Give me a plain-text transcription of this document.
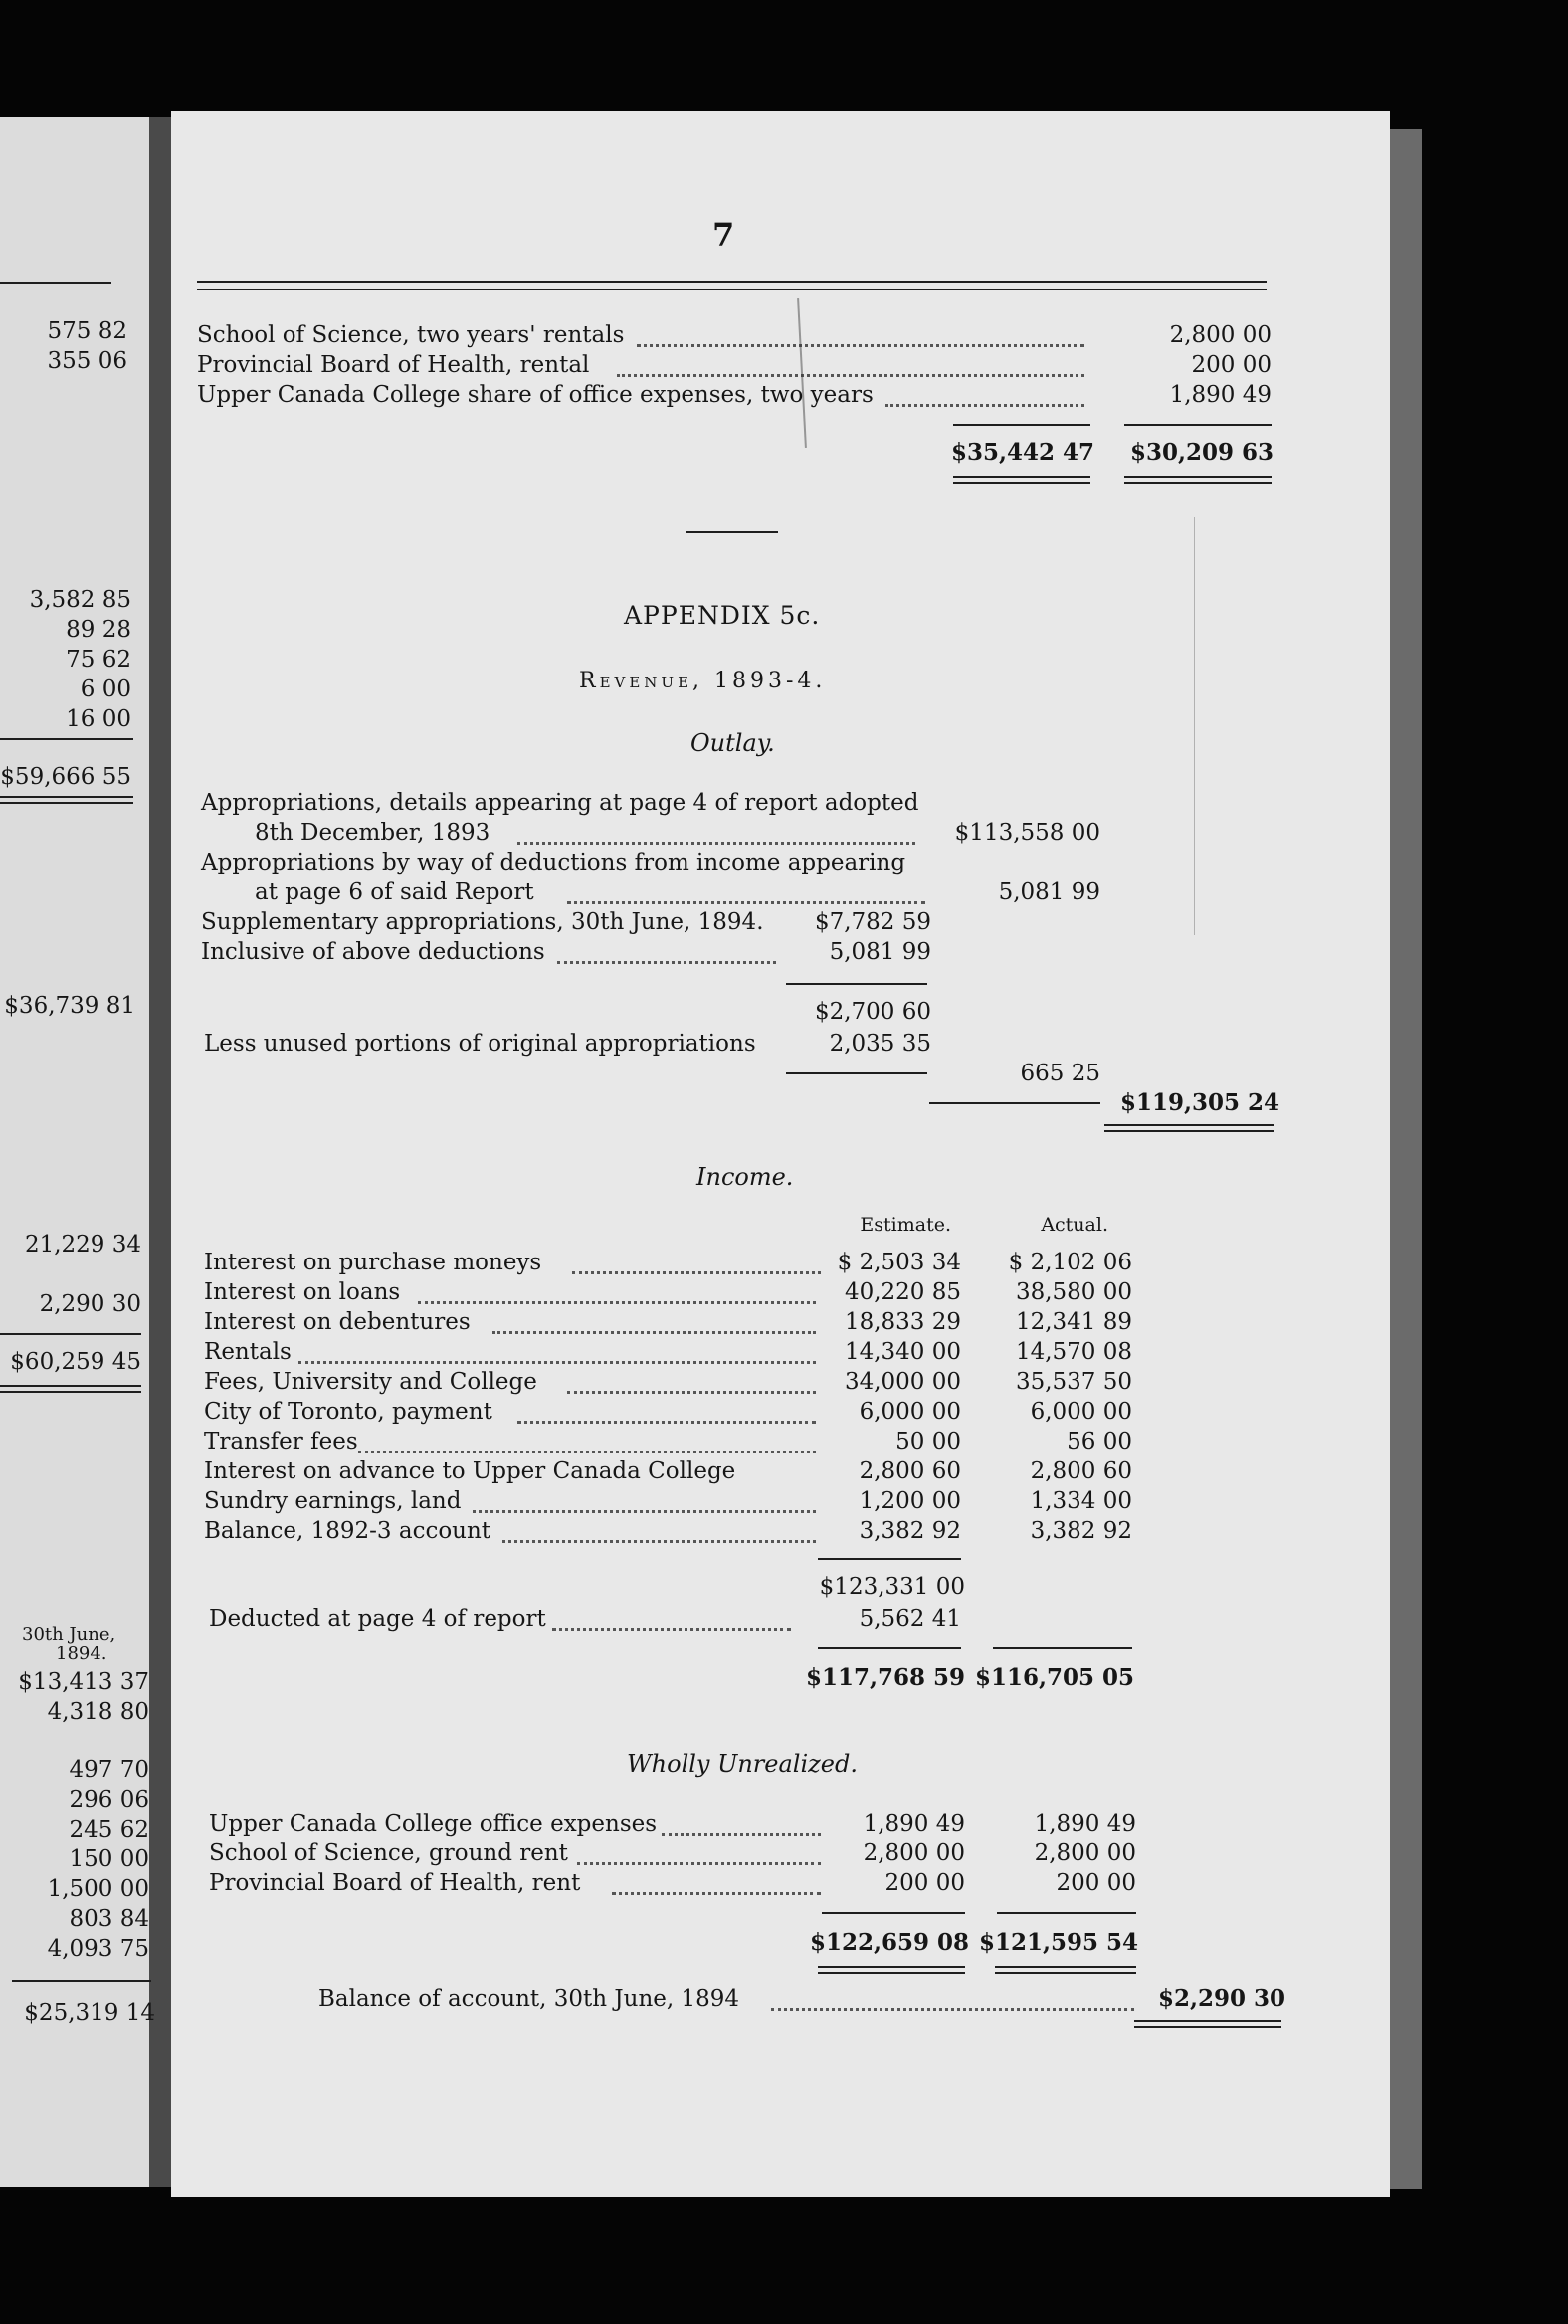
575 82
355 06
3,582 85
89 28
75 62
6 00
16 00
$59,666 55
$36,739 81
21,229 34
2,290 30
$60,259 45
30th June,
1894.
$13,413 37
4,318 80
497 70
296 06
245 62
150 00
1,500 00
803 84
4,093 75
$25,319 14
7
School of Science, two years' rentals	2,800 00
Provincial Board of Health, rental	200 00
Upper Canada College share of office expenses, two years	1,890 49
$35,442 47	$30,209 63
APPENDIX 5c.
Revenue, 1893-4.
Outlay.
Appropriations, details appearing at page 4 of report adopted
8th December, 1893	$113,558 00
Appropriations by way of deductions from income appearing
at page 6 of said Report	5,081 99
Supplementary appropriations, 30th June, 1894.	$7,782 59
Inclusive of above deductions	5,081 99
$2,700 60
Less unused portions of original appropriations	2,035 35
665 25
$119,305 24
Income.
Estimate.	Actual.
Interest on purchase moneys	$ 2,503 34	$ 2,102 06
Interest on loans	40,220 85	38,580 00
Interest on debentures	18,833 29	12,341 89
Rentals	14,340 00	14,570 08
Fees, University and College	34,000 00	35,537 50
City of Toronto, payment	6,000 00	6,000 00
Transfer fees	50 00	56 00
Interest on advance to Upper Canada College	2,800 60	2,800 60
Sundry earnings, land	1,200 00	1,334 00
Balance, 1892-3 account	3,382 92	3,382 92
$123,331 00
Deducted at page 4 of report	5,562 41
$117,768 59 $116,705 05
Wholly Unrealized.
Upper Canada College office expenses	1,890 49	1,890 49
School of Science, ground rent	2,800 00	2,800 00
Provincial Board of Health, rent	200 00	200 00
$122,659 08 $121,595 54
Balance of account, 30th June, 1894	$2,290 30
